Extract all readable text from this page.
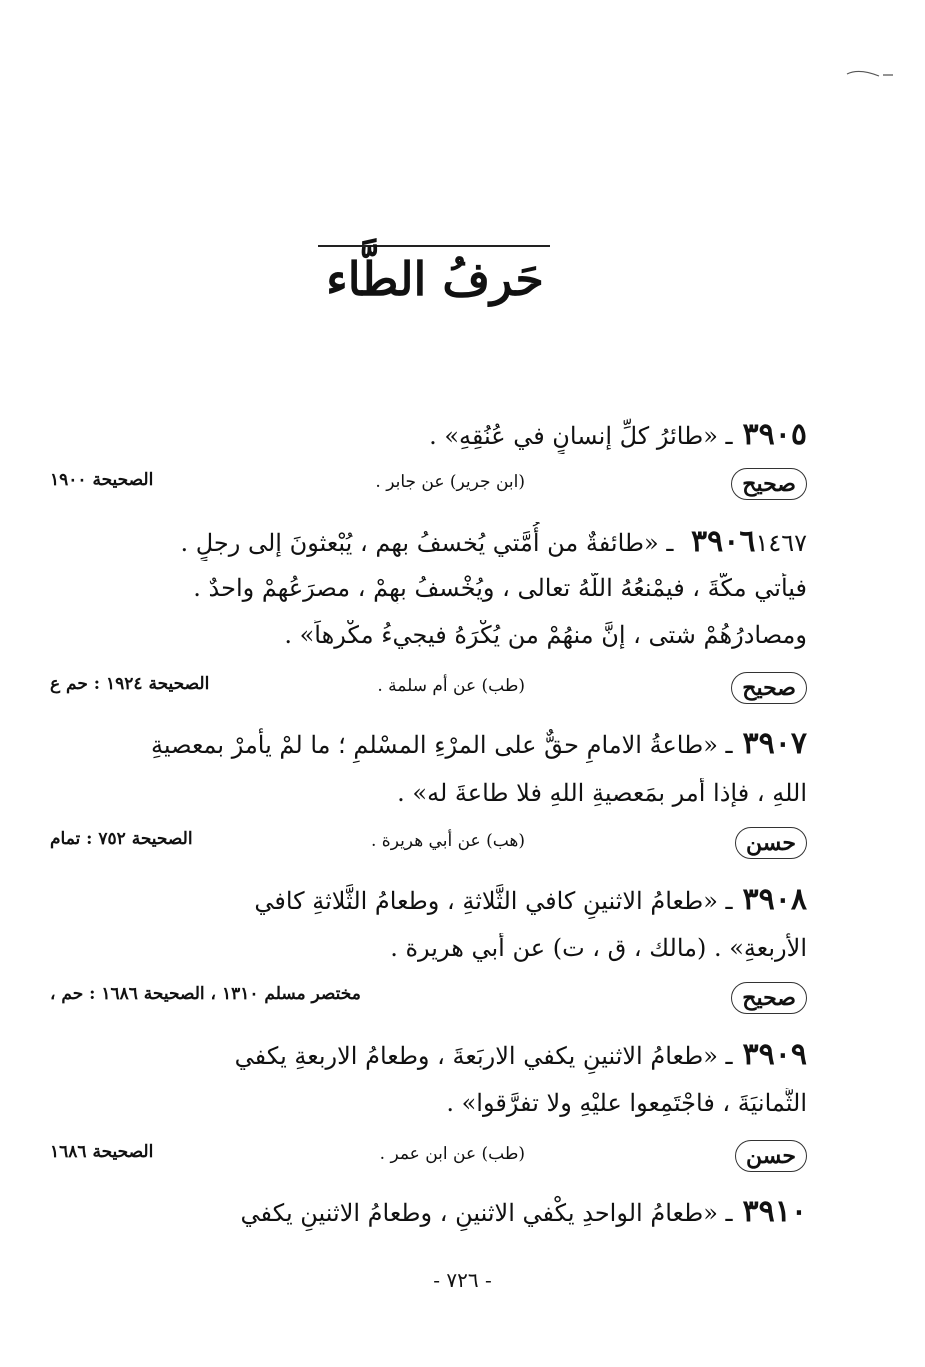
حَرفُ الطَّاء
٣٩٠٥ـ «طائرُ كلِّ إنسانٍ في عُنُقِهِ» .
صحيح
(ابن جرير) عن جابر .
الصحيحة ١٩٠٠
٣٩٠٦١٤٦٧ ـ «طائفةٌ من أُمَّتي يُخسفُ بهم ، يُبْعثونَ إلى رجلٍ .
فيأتي مكّةَ ، فيمْنعُهُ اللّهُ تعالى ، ويُخْسفُ بهِمْ ، مصرَعُهمْ واحدٌ .
ومصادرُهُمْ شتى ، إنَّ منهُمْ من يُكْرَهُ فيجيءُ مكْرهاً» .
صحيح
(طب) عن أم سلمة .
الصحيحة ١٩٢٤ : حم ع
٣٩٠٧ـ «طاعةُ الامامِ حقٌّ على المرْءِ المسْلمِ ؛ ما لمْ يأمرْ بمعصيةِ
اللهِ ، فإذا أمر بمَعصيةِ اللهِ فلا طاعةَ له» .
حسن
(هب) عن أبي هريرة .
الصحيحة ٧٥٢ : تمام
٣٩٠٨ـ «طعامُ الاثنينِ كافي الثَّلاثةِ ، وطعامُ الثَّلاثةِ كافي
الأربعةِ» . (مالك ، ق ، ت) عن أبي هريرة .
صحيح
مختصر مسلم ١٣١٠ ، الصحيحة ١٦٨٦ : حم ،
٣٩٠٩ـ «طعامُ الاثنينِ يكفي الاربَعةَ ، وطعامُ الاربعةِ يكفي
الثَّمانيَةَ ، فاجْتَمِعوا عليْهِ ولا تفرَّقوا» .
حسن
(طب) عن ابن عمر .
الصحيحة ١٦٨٦
٣٩١٠ـ «طعامُ الواحدِ يكْفي الاثنينِ ، وطعامُ الاثنينِ يكفي
- ٧٢٦ -
